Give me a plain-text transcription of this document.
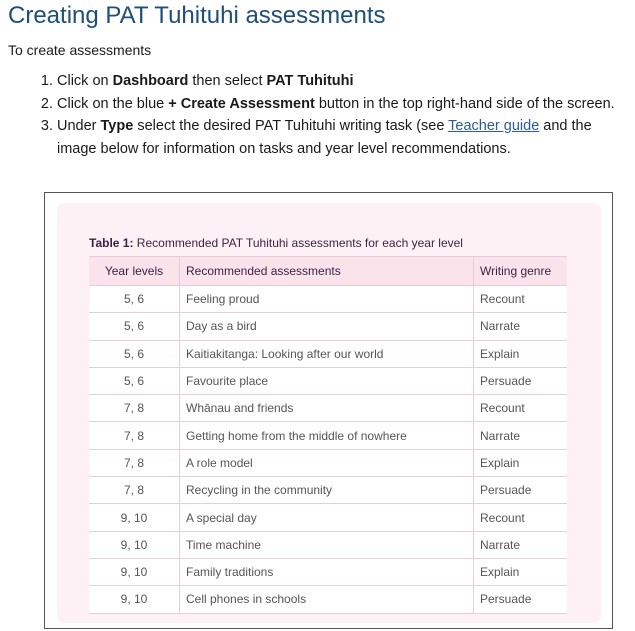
Creating PAT Tuhituhi assessments
To create assessments
1. Click on Dashboard then select PAT Tuhituhi
2. Click on the blue + Create Assessment button in the top right-hand side of the screen.
3. Under Type select the desired PAT Tuhituhi writing task (see Teacher guide and the image below for information on tasks and year level recommendations.
Table 1: Recommended PAT Tuhituhi assessments for each year level
Year levels	Recommended assessments	Writing genre
5, 6	Feeling proud	Recount
5, 6	Day as a bird	Narrate
5, 6	Kaitiakitanga: Looking after our world	Explain
5, 6	Favourite place	Persuade
7, 8	Whānau and friends	Recount
7, 8	Getting home from the middle of nowhere	Narrate
7, 8	A role model	Explain
7, 8	Recycling in the community	Persuade
9, 10	A special day	Recount
9, 10	Time machine	Narrate
9, 10	Family traditions	Explain
9, 10	Cell phones in schools	Persuade
